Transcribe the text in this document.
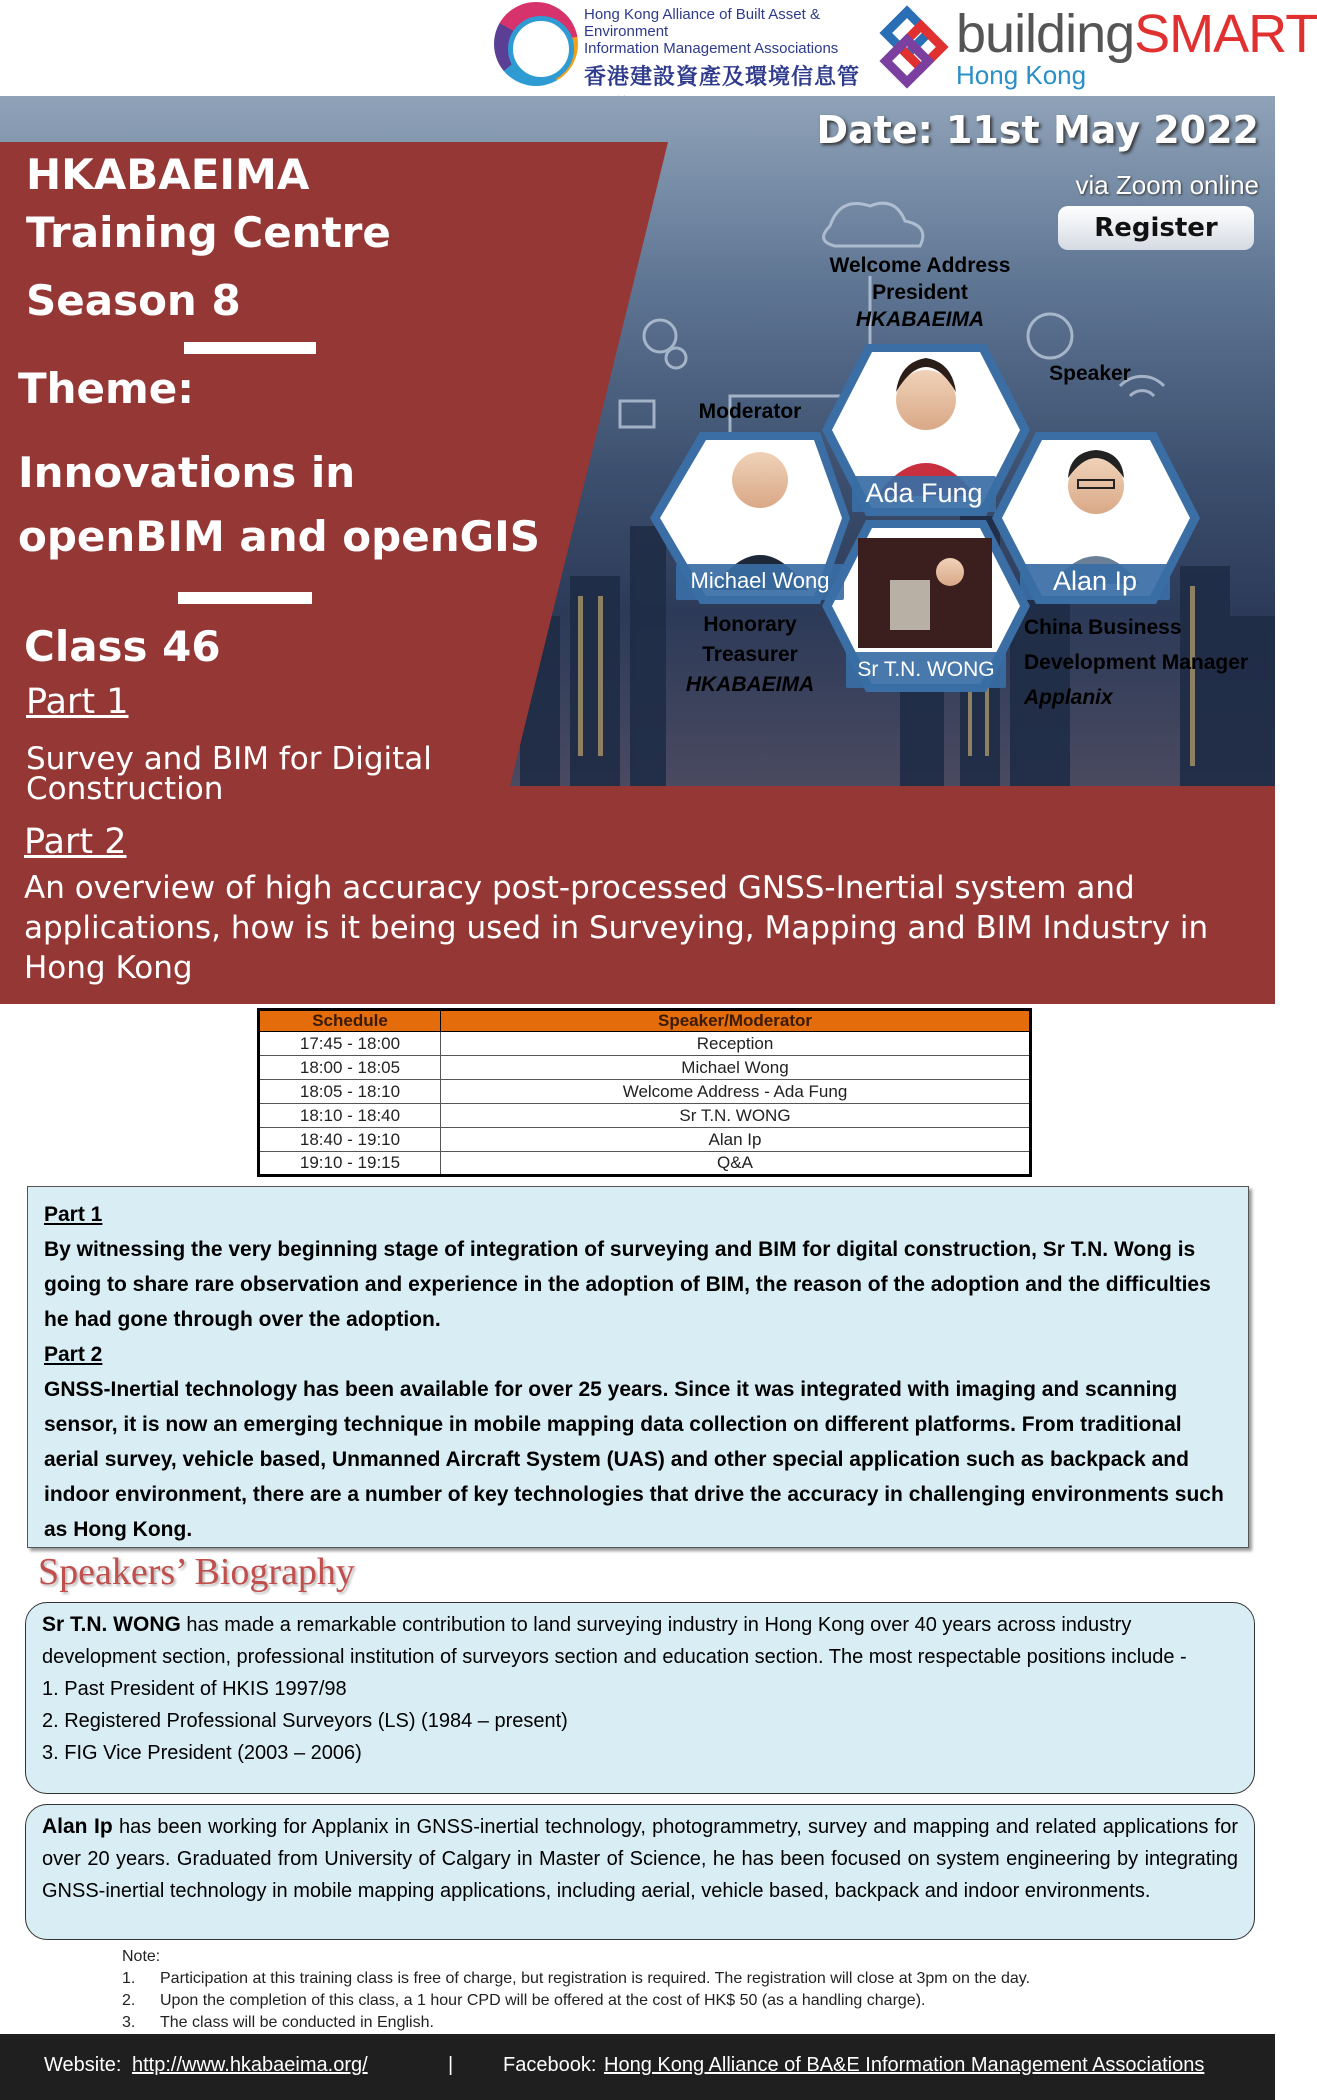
Hong Kong Alliance of Built Asset & Environment
Information Management Associations
香港建設資產及環境信息管
buildingSMART
Hong Kong
Michael Wong
Ada Fung
Alan Ip
Sr T.N. WONG
Welcome Address
President
HKABAEIMA
Moderator
Speaker
Honorary
Treasurer
HKABAEIMA
China Business
Development Manager
Applanix
Date: 11st May 2022
via Zoom online
Register
HKABAEIMA
Training Centre
Season 8
Theme:
Innovations in
openBIM and openGIS
Class 46
Part 1
Survey and BIM for Digital Construction
Part 2
An overview of high accuracy post-processed GNSS-Inertial system and applications, how is it being used in Surveying, Mapping and BIM Industry in Hong Kong
Schedule	Speaker/Moderator
17:45 - 18:00	Reception
18:00 - 18:05	Michael Wong
18:05 - 18:10	Welcome Address - Ada Fung
18:10 - 18:40	Sr T.N. WONG
18:40 - 19:10	Alan Ip
19:10 - 19:15	Q&A
Part 1
By witnessing the very beginning stage of integration of surveying and BIM for digital construction, Sr T.N. Wong is going to share rare observation and experience in the adoption of BIM, the reason of the adoption and the difficulties he had gone through over the adoption.
Part 2
GNSS-Inertial technology has been available for over 25 years. Since it was integrated with imaging and scanning sensor, it is now an emerging technique in mobile mapping data collection on different platforms. From traditional aerial survey, vehicle based, Unmanned Aircraft System (UAS) and other special application such as backpack and indoor environment, there are a number of key technologies that drive the accuracy in challenging environments such as Hong Kong.
Speakers’ Biography
Sr T.N. WONG has made a remarkable contribution to land surveying industry in Hong Kong over 40 years across industry development section, professional institution of surveyors section and education section. The most respectable positions include -
1. Past President of HKIS 1997/98
2. Registered Professional Surveyors (LS) (1984 – present)
3. FIG Vice President (2003 – 2006)
Alan Ip has been working for Applanix in GNSS-inertial technology, photogrammetry, survey and mapping and related applications for over 20 years. Graduated from University of Calgary in Master of Science, he has been focused on system engineering by integrating GNSS-inertial technology in mobile mapping applications, including aerial, vehicle based, backpack and indoor environments.
Note:
1.	Participation at this training class is free of charge, but registration is required. The registration will close at 3pm on the day.
2.	Upon the completion of this class, a 1 hour CPD will be offered at the cost of HK$ 50 (as a handling charge).
3.	The class will be conducted in English.
Website: http://www.hkabaeima.org/	| Facebook: Hong Kong Alliance of BA&E Information Management Associations
